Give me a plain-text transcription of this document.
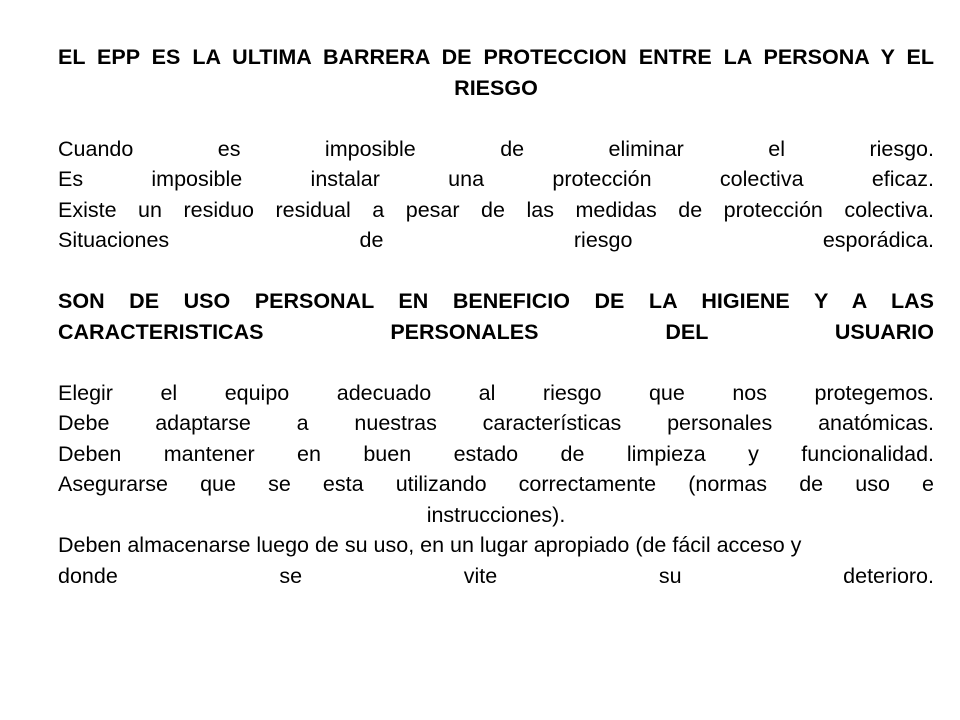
EL EPP ES LA ULTIMA BARRERA DE PROTECCION ENTRE LA PERSONA Y EL
RIESGO
Cuando es imposible de eliminar el riesgo.
Es imposible instalar una protección colectiva eficaz.
Existe un residuo residual a pesar de las medidas de protección colectiva.
Situaciones de riesgo esporádica.
SON DE USO PERSONAL EN BENEFICIO DE LA HIGIENE Y A LAS
CARACTERISTICAS PERSONALES DEL USUARIO
Elegir el equipo adecuado al riesgo que nos protegemos.
Debe adaptarse a nuestras características personales anatómicas.
Deben mantener en buen estado de limpieza y funcionalidad.
Asegurarse que se esta utilizando correctamente (normas de uso e
instrucciones).
Deben almacenarse luego de su uso, en un lugar apropiado (de fácil acceso y
donde se vite su deterioro.
